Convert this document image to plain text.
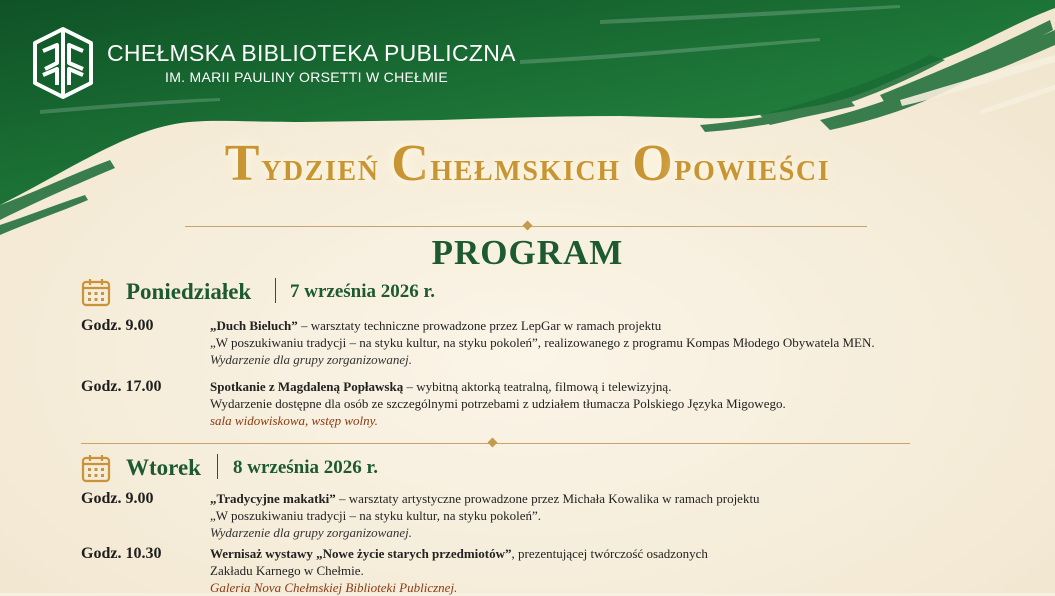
CHEŁMSKA BIBLIOTEKA PUBLICZNA
IM. MARII PAULINY ORSETTI W CHEŁMIE
Tydzień Chełmskich Opowieści
PROGRAM
Poniedziałek 7 września 2026 r.
Godz. 9.00	„Duch Bieluch” – warsztaty techniczne prowadzone przez LepGar w ramach projektu
„W poszukiwaniu tradycji – na styku kultur, na styku pokoleń”, realizowanego z programu Kompas Młodego Obywatela MEN.
Wydarzenie dla grupy zorganizowanej.
Godz. 17.00	Spotkanie z Magdaleną Popławską – wybitną aktorką teatralną, filmową i telewizyjną.
Wydarzenie dostępne dla osób ze szczególnymi potrzebami z udziałem tłumacza Polskiego Języka Migowego.
sala widowiskowa, wstęp wolny.
Wtorek 8 września 2026 r.
Godz. 9.00	„Tradycyjne makatki” – warsztaty artystyczne prowadzone przez Michała Kowalika w ramach projektu
„W poszukiwaniu tradycji – na styku kultur, na styku pokoleń”.
Wydarzenie dla grupy zorganizowanej.
Godz. 10.30	Wernisaż wystawy „Nowe życie starych przedmiotów”, prezentującej twórczość osadzonych
Zakładu Karnego w Chełmie.
Galeria Nova Chełmskiej Biblioteki Publicznej.
